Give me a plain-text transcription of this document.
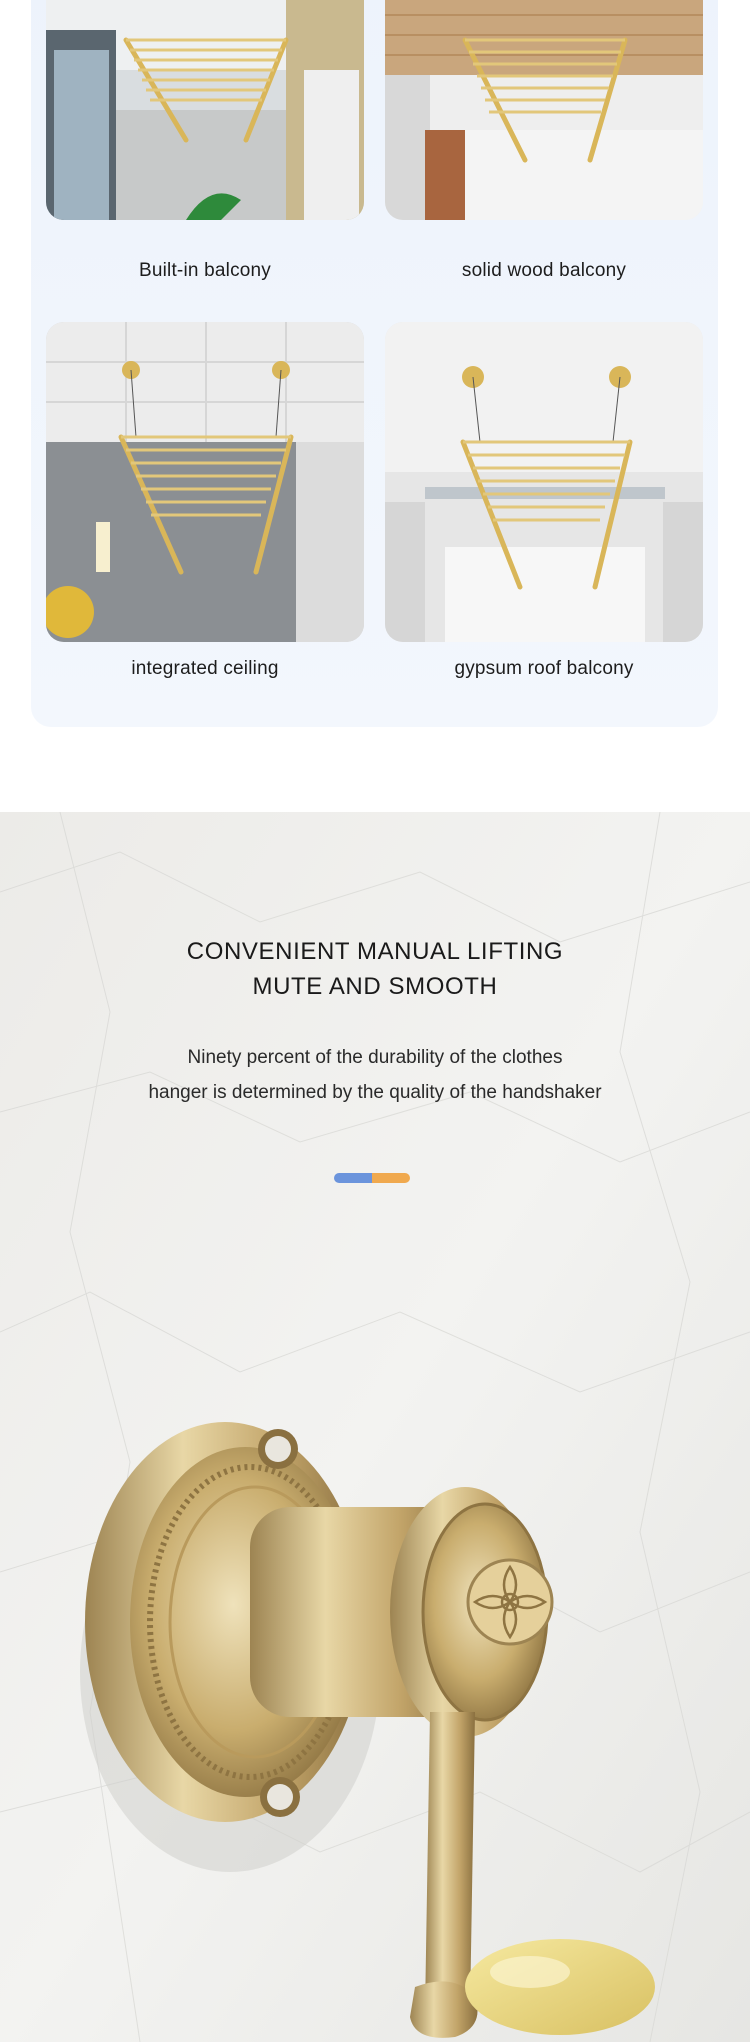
Built-in balcony	solid wood balcony
integrated ceiling	gypsum roof balcony
CONVENIENT MANUAL LIFTING
MUTE AND SMOOTH
Ninety percent of the durability of the clothes
hanger is determined by the quality of the handshaker
